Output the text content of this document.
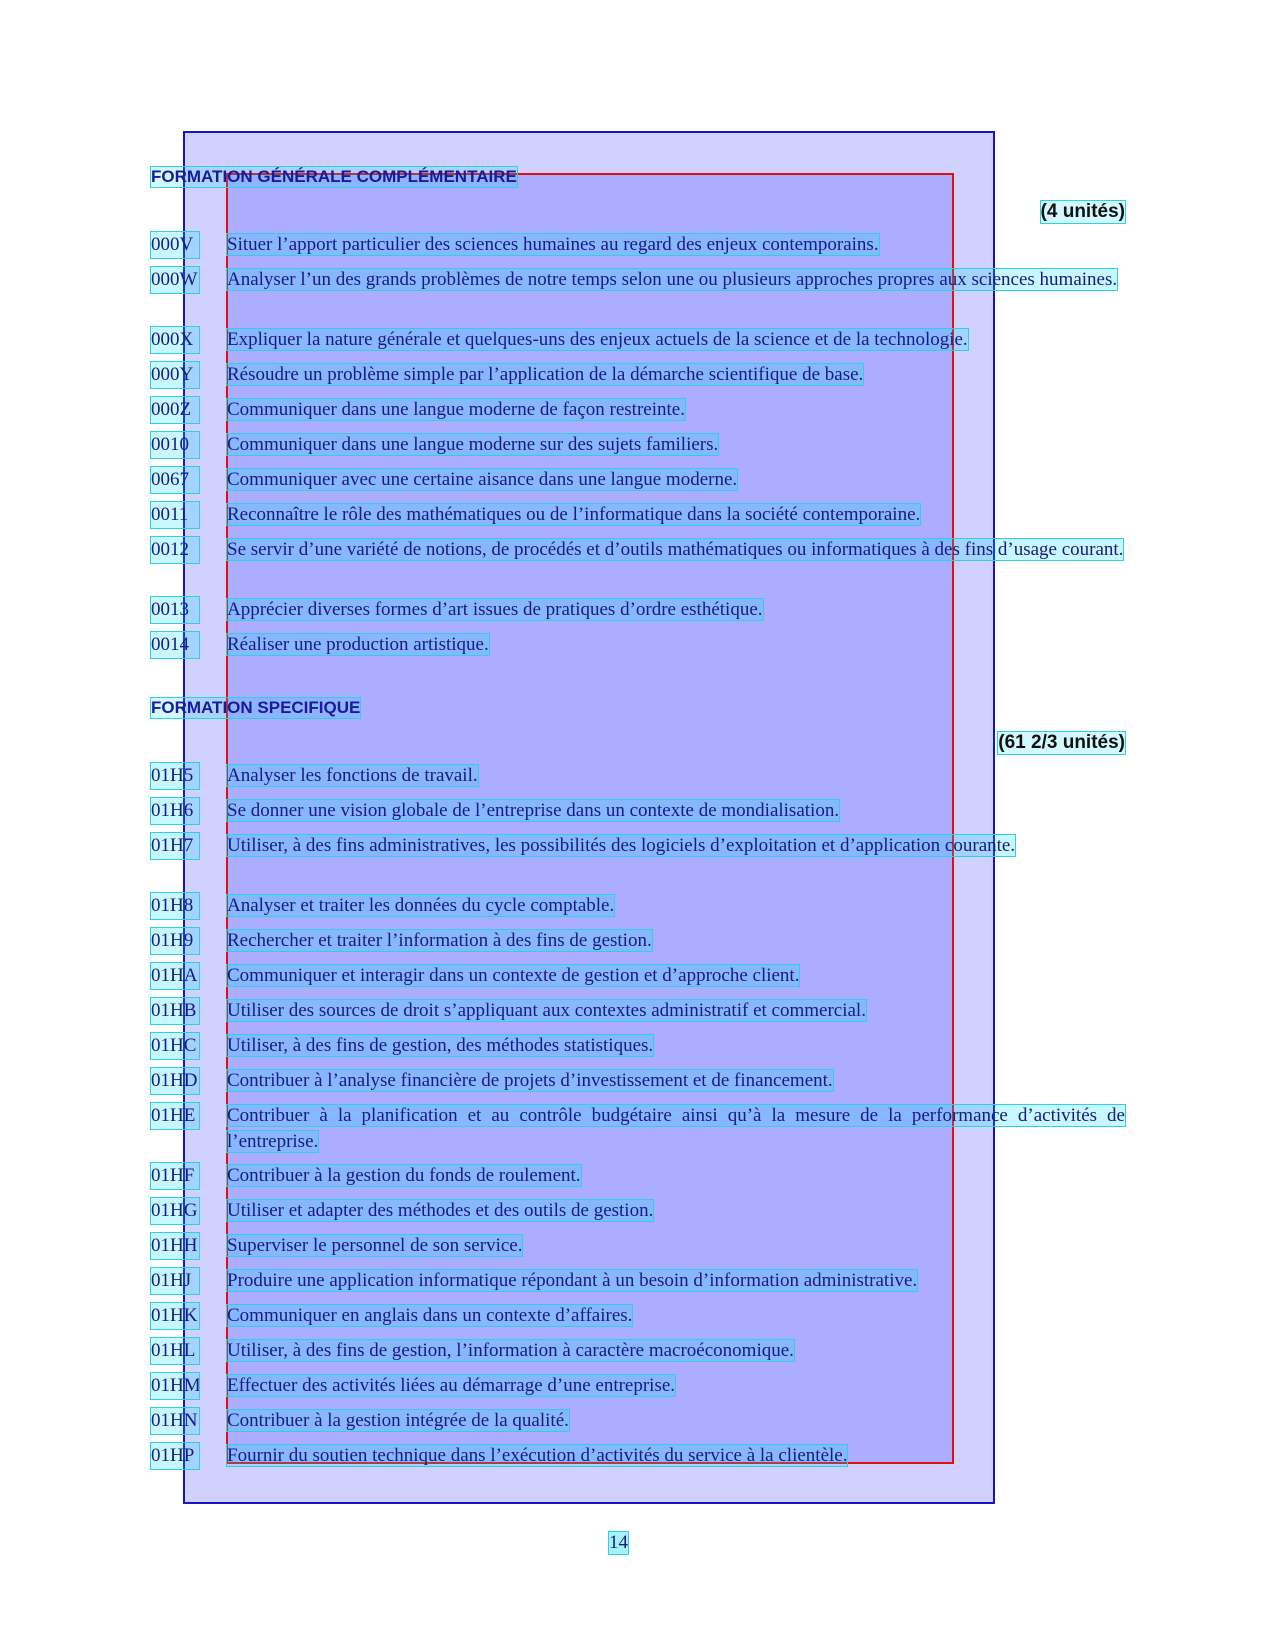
FORMATION GÉNÉRALE COMPLÉMENTAIRE
(4 unités)
000V	Situer l’apport particulier des sciences humaines au regard des enjeux contemporains.
000W Analyser l’un des grands problèmes de notre temps selon une ou plusieurs approches propres aux sciences humaines.
000X	Expliquer la nature générale et quelques-uns des enjeux actuels de la science et de la technologie.
000Y	Résoudre un problème simple par l’application de la démarche scientifique de base.
000Z	Communiquer dans une langue moderne de façon restreinte.
0010	Communiquer dans une langue moderne sur des sujets familiers.
0067	Communiquer avec une certaine aisance dans une langue moderne.
0011	Reconnaître le rôle des mathématiques ou de l’informatique dans la société contemporaine.
0012	Se servir d’une variété de notions, de procédés et d’outils mathématiques ou informatiques à des fins d’usage courant.
0013	Apprécier diverses formes d’art issues de pratiques d’ordre esthétique.
0014	Réaliser une production artistique.
FORMATION SPECIFIQUE
(61 2/3 unités)
01H5	Analyser les fonctions de travail.
01H6	Se donner une vision globale de l’entreprise dans un contexte de mondialisation.
01H7	Utiliser, à des fins administratives, les possibilités des logiciels d’exploitation et d’application courante.
01H8	Analyser et traiter les données du cycle comptable.
01H9	Rechercher et traiter l’information à des fins de gestion.
01HA Communiquer et interagir dans un contexte de gestion et d’approche client.
01HB Utiliser des sources de droit s’appliquant aux contextes administratif et commercial.
01HC Utiliser, à des fins de gestion, des méthodes statistiques.
01HD Contribuer à l’analyse financière de projets d’investissement et de financement.
01HE Contribuer à la planification et au contrôle budgétaire ainsi qu’à la mesure de la performance d’activités de l’entreprise.
01HF Contribuer à la gestion du fonds de roulement.
01HG Utiliser et adapter des méthodes et des outils de gestion.
01HH Superviser le personnel de son service.
01HJ	Produire une application informatique répondant à un besoin d’information administrative.
01HK Communiquer en anglais dans un contexte d’affaires.
01HL Utiliser, à des fins de gestion, l’information à caractère macroéconomique.
01HM Effectuer des activités liées au démarrage d’une entreprise.
01HN Contribuer à la gestion intégrée de la qualité.
01HP Fournir du soutien technique dans l’exécution d’activités du service à la clientèle.
14
